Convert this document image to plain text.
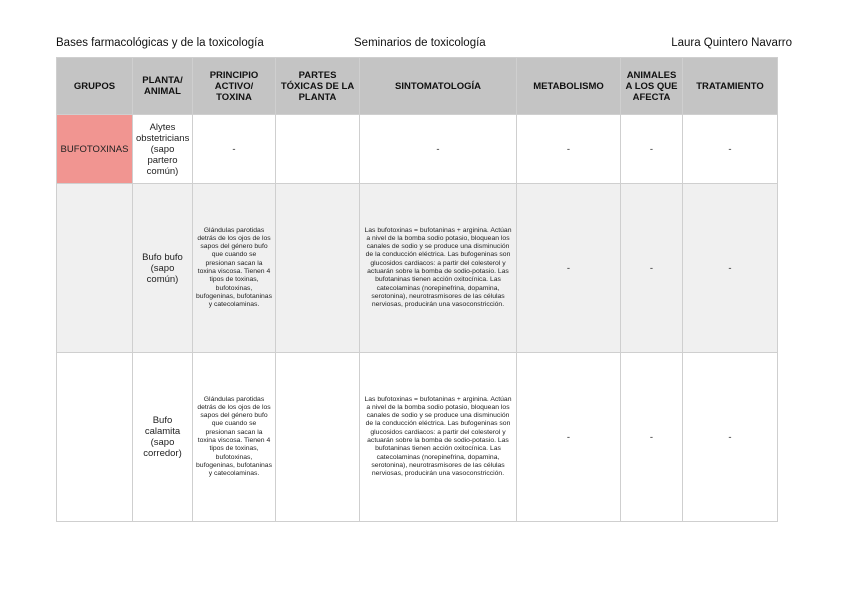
Bases farmacológicas y de la toxicología	Seminarios de toxicología	Laura Quintero Navarro
GRUPOS	PLANTA/ ANIMAL	PRINCIPIO ACTIVO/ TOXINA	PARTES TÓXICAS DE LA PLANTA	SINTOMATOLOGÍA	METABOLISMO	ANIMALES A LOS QUE AFECTA	TRATAMIENTO
BUFOTOXINAS	Alytes obstetricians (sapo partero común)	-		-	-	-	-
	Bufo bufo (sapo común)	Glándulas parotidas detrás de los ojos de los sapos del género bufo que cuando se presionan sacan la toxina viscosa. Tienen 4 tipos de toxinas, bufotoxinas, bufogeninas, bufotaninas y catecolaminas.		Las bufotoxinas = bufotaninas + arginina. Actúan a nivel de la bomba sodio potasio, bloquean los canales de sodio y se produce una disminución de la conducción eléctrica. Las bufogeninas son glucosidos cardiacos: a partir del colesterol y actuarán sobre la bomba de sodio-potasio. Las bufotaninas tienen acción oxitocínica. Las catecolaminas (norepinefrina, dopamina, serotonina), neurotrasmisores de las células nerviosas, producirán una vasoconstricción.	-	-	-
	Bufo calamita (sapo corredor)	Glándulas parotidas detrás de los ojos de los sapos del género bufo que cuando se presionan sacan la toxina viscosa. Tienen 4 tipos de toxinas, bufotoxinas, bufogeninas, bufotaninas y catecolaminas.		Las bufotoxinas = bufotaninas + arginina. Actúan a nivel de la bomba sodio potasio, bloquean los canales de sodio y se produce una disminución de la conducción eléctrica. Las bufogeninas son glucosidos cardiacos: a partir del colesterol y actuarán sobre la bomba de sodio-potasio. Las bufotaninas tienen acción oxitocínica. Las catecolaminas (norepinefrina, dopamina, serotonina), neurotrasmisores de las células nerviosas, producirán una vasoconstricción.	-	-	-
